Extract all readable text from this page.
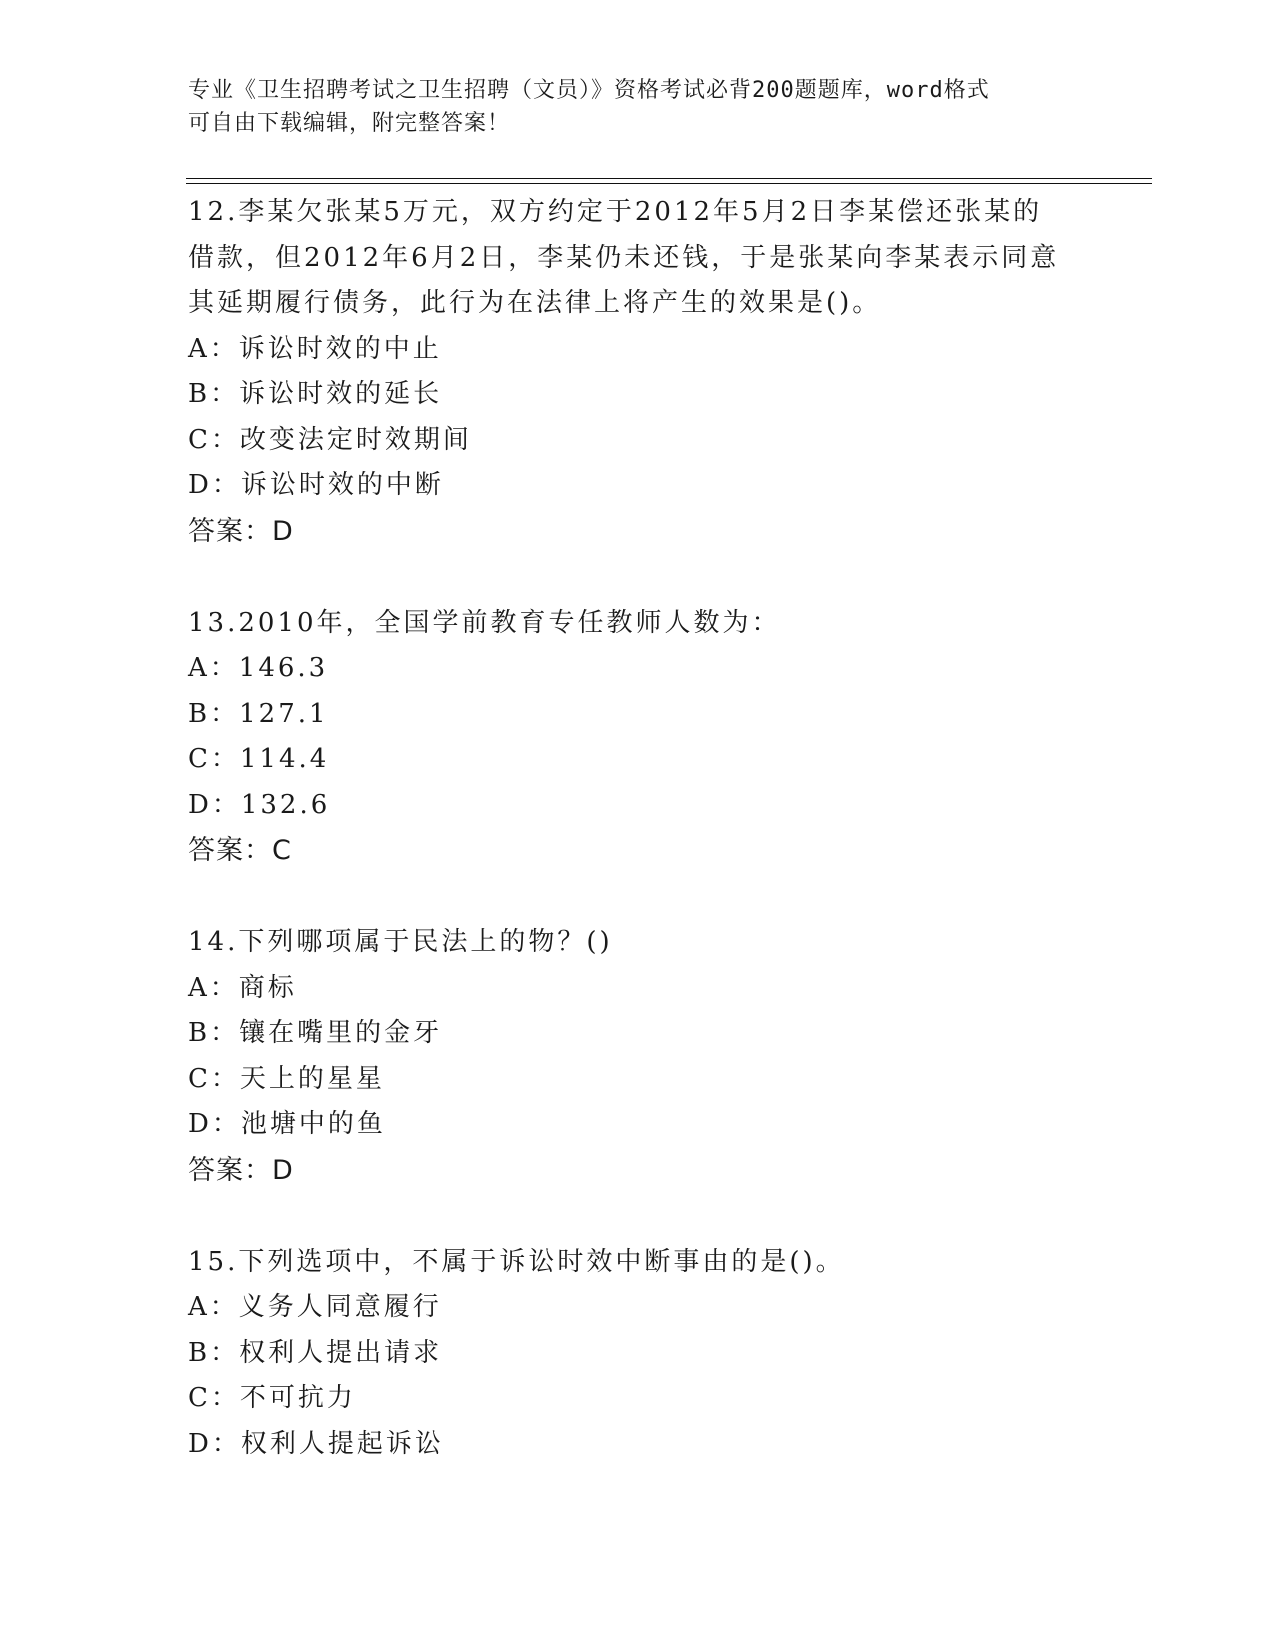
专业《卫生招聘考试之卫生招聘（文员）》资格考试必背200题题库，word格式
可自由下载编辑，附完整答案！
12.李某欠张某5万元，双方约定于2012年5月2日李某偿还张某的
借款，但2012年6月2日，李某仍未还钱，于是张某向李某表示同意
其延期履行债务，此行为在法律上将产生的效果是()。
A：诉讼时效的中止
B：诉讼时效的延长
C：改变法定时效期间
D：诉讼时效的中断
答案：D
13.2010年，全国学前教育专任教师人数为：
A：146.3
B：127.1
C：114.4
D：132.6
答案：C
14.下列哪项属于民法上的物？()
A：商标
B：镶在嘴里的金牙
C：天上的星星
D：池塘中的鱼
答案：D
15.下列选项中，不属于诉讼时效中断事由的是()。
A：义务人同意履行
B：权利人提出请求
C：不可抗力
D：权利人提起诉讼
